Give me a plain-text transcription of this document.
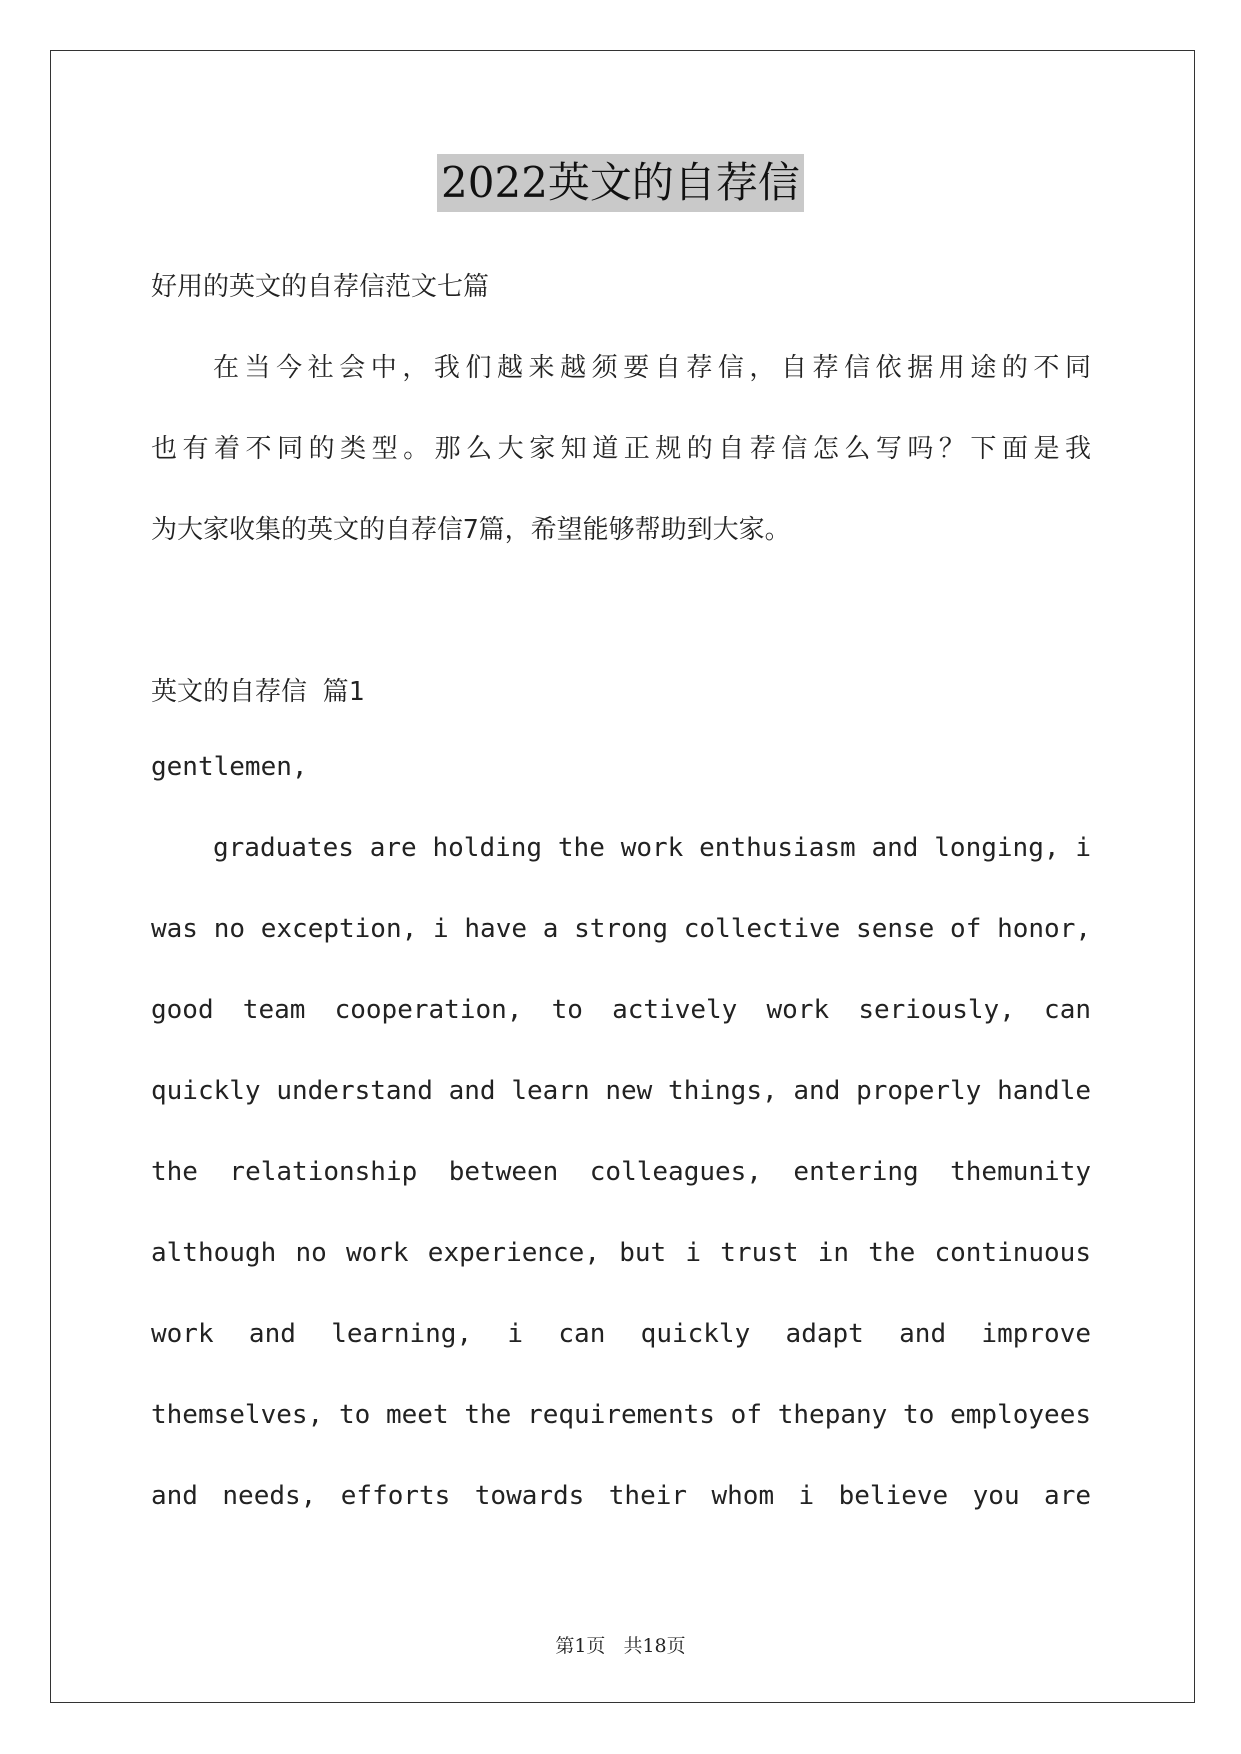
2022英文的自荐信

好用的英文的自荐信范文七篇

在当今社会中，我们越来越须要自荐信，自荐信依据用途的不同

也有着不同的类型。那么大家知道正规的自荐信怎么写吗？下面是我

为大家收集的英文的自荐信7篇，希望能够帮助到大家。

英文的自荐信 篇1

gentlemen,

graduates are holding the work enthusiasm and longing, i

was no exception, i have a strong collective sense of honor,

good team cooperation, to actively work seriously, can

quickly understand and learn new things, and properly handle

the relationship between colleagues, entering themunity

although no work experience, but i trust in the continuous

work and learning, i can quickly adapt and improve

themselves, to meet the requirements of thepany to employees

and needs, efforts towards their whom i believe you are

第1页 共18页
